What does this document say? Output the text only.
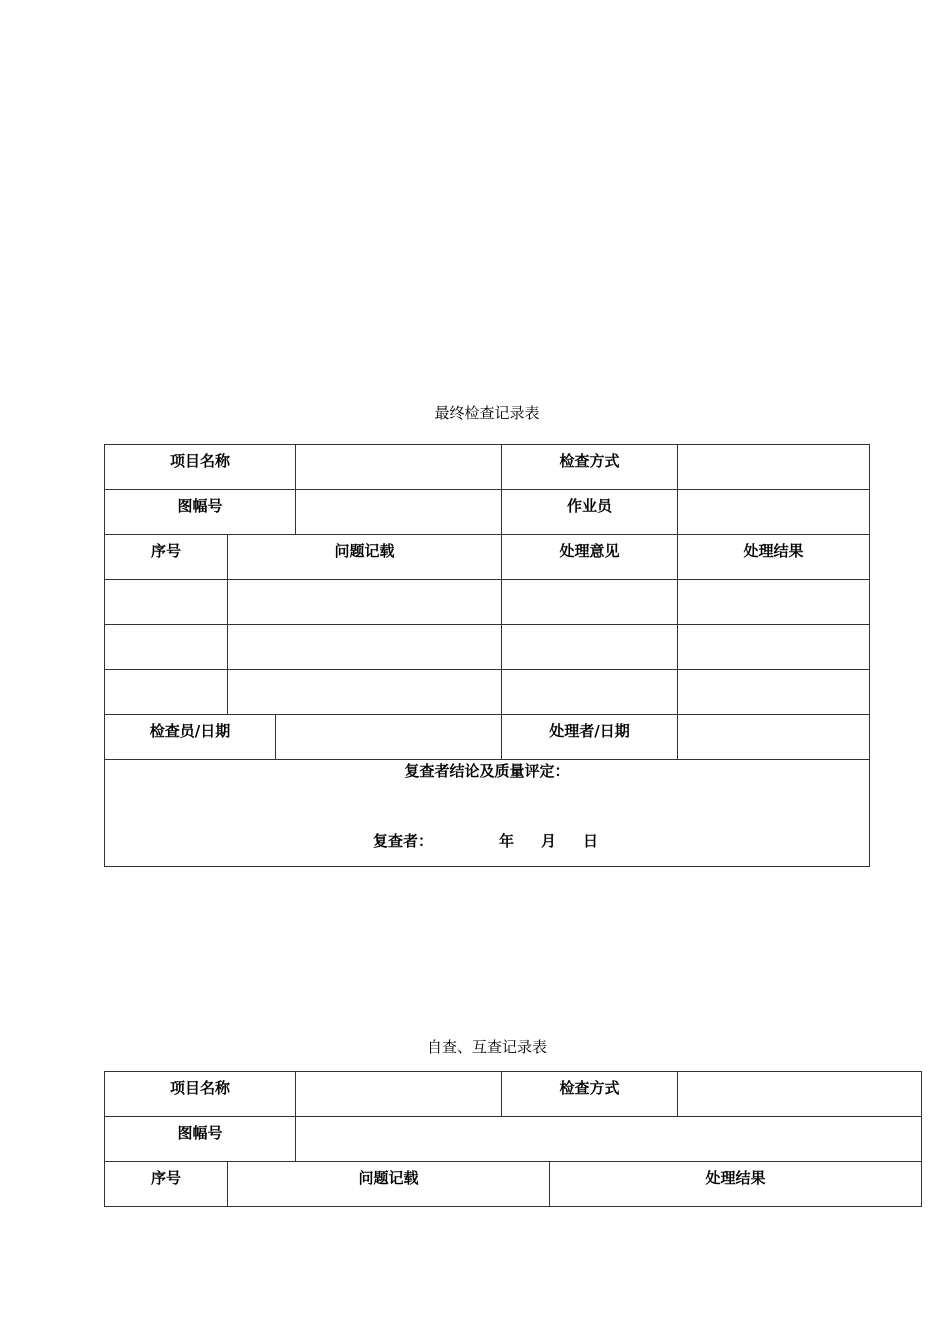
最终检查记录表
项目名称				检查方式	

图幅号				作业员	

序号	问题记载			处理意见	处理结果

检查员/日期				处理者/日期	

复查者结论及质量评定：
复查者： 年 月 日					
自查、互查记录表
项目名称			检查方式		

图幅号					

序号	问题记载			处理结果	
